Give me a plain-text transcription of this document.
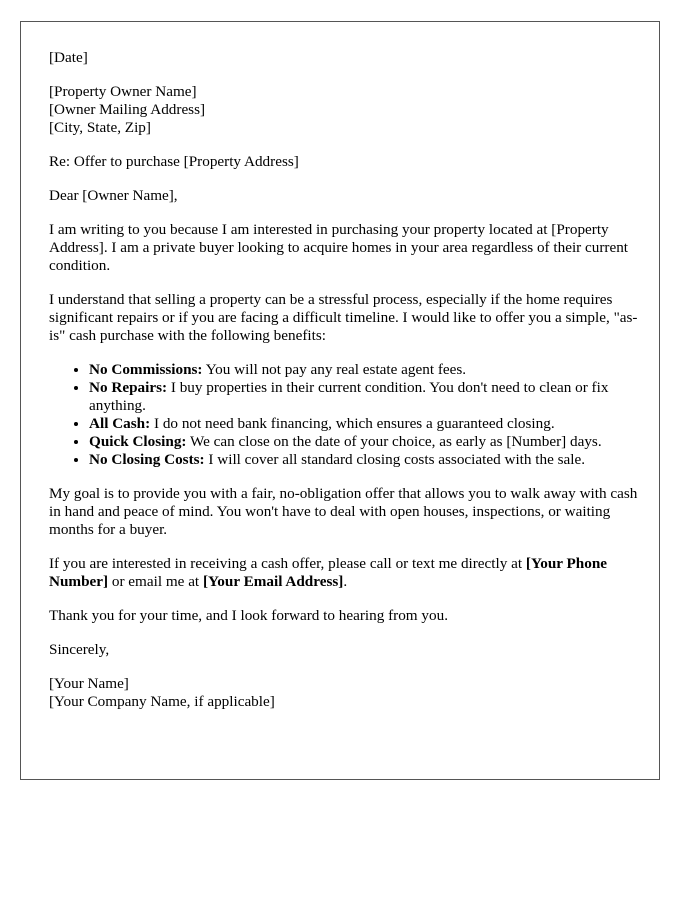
[Date]

[Property Owner Name]
[Owner Mailing Address]
[City, State, Zip]

Re: Offer to purchase [Property Address]

Dear [Owner Name],

I am writing to you because I am interested in purchasing your property located at [Property Address]. I am a private buyer looking to acquire homes in your area regardless of their current condition.

I understand that selling a property can be a stressful process, especially if the home requires significant repairs or if you are facing a difficult timeline. I would like to offer you a simple, "as-is" cash purchase with the following benefits:

• No Commissions: You will not pay any real estate agent fees.
• No Repairs: I buy properties in their current condition. You don't need to clean or fix anything.
• All Cash: I do not need bank financing, which ensures a guaranteed closing.
• Quick Closing: We can close on the date of your choice, as early as [Number] days.
• No Closing Costs: I will cover all standard closing costs associated with the sale.

My goal is to provide you with a fair, no-obligation offer that allows you to walk away with cash in hand and peace of mind. You won't have to deal with open houses, inspections, or waiting months for a buyer.

If you are interested in receiving a cash offer, please call or text me directly at [Your Phone Number] or email me at [Your Email Address].

Thank you for your time, and I look forward to hearing from you.

Sincerely,

[Your Name]
[Your Company Name, if applicable]
